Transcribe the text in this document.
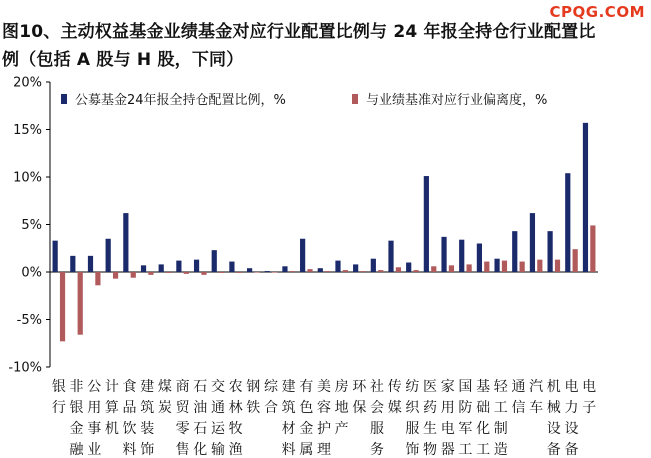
CPQG.COM
图10、主动权益基金业绩基金对应行业配置比例与 24 年报全持仓行业配置比
例（包括 A 股与 H 股，下同）
20%
15%
10%
5%
0%
-5%
-10%
公募基金24年报全持仓配置比例，%	与业绩基准对应行业偏离度，%
银行
非银金融
公用事业
计算机
食品饮料
建筑装饰
煤炭
商贸零售
石油石化
交通运输
农林牧渔
钢铁
综合
建筑材料
有色金属
美容护理
房地产
环保
社会服务
传媒
纺织服饰
医药生物
家用电器
国防军工
基础化工
轻工制造
通信
汽车
机械设备
电力设备
电子
